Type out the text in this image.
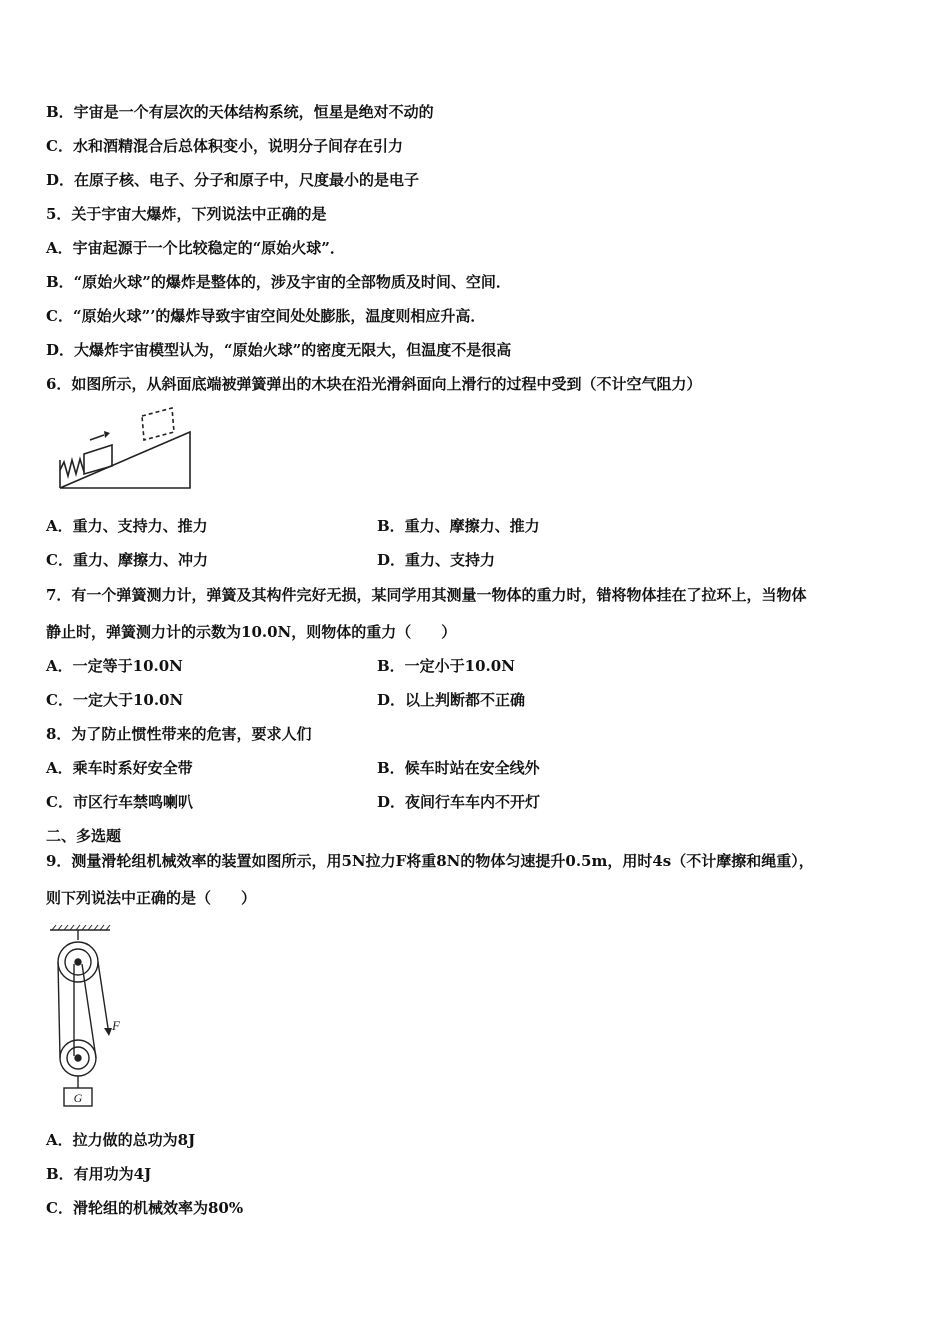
B．宇宙是一个有层次的天体结构系统，恒星是绝对不动的
C．水和酒精混合后总体积变小，说明分子间存在引力
D．在原子核、电子、分子和原子中，尺度最小的是电子
5．关于宇宙大爆炸，下列说法中正确的是
A．宇宙起源于一个比较稳定的“原始火球”．
B．“原始火球”的爆炸是整体的，涉及宇宙的全部物质及时间、空间．
C．“原始火球”’的爆炸导致宇宙空间处处膨胀，温度则相应升高．
D．大爆炸宇宙模型认为，“原始火球”的密度无限大，但温度不是很高
6．如图所示，从斜面底端被弹簧弹出的木块在沿光滑斜面向上滑行的过程中受到（不计空气阻力）
A．重力、支持力、推力	B．重力、摩擦力、推力
C．重力、摩擦力、冲力	D．重力、支持力
7．有一个弹簧测力计，弹簧及其构件完好无损，某同学用其测量一物体的重力时，错将物体挂在了拉环上，当物体
静止时，弹簧测力计的示数为10.0N，则物体的重力（　　）
A．一定等于10.0N	B．一定小于10.0N
C．一定大于10.0N	D．以上判断都不正确
8．为了防止惯性带来的危害，要求人们
A．乘车时系好安全带	B．候车时站在安全线外
C．市区行车禁鸣喇叭	D．夜间行车车内不开灯
二、多选题
9．测量滑轮组机械效率的装置如图所示，用5N拉力F将重8N的物体匀速提升0.5m，用时4s（不计摩擦和绳重），
则下列说法中正确的是（　　）
F
G
A．拉力做的总功为8J
B．有用功为4J
C．滑轮组的机械效率为80%
